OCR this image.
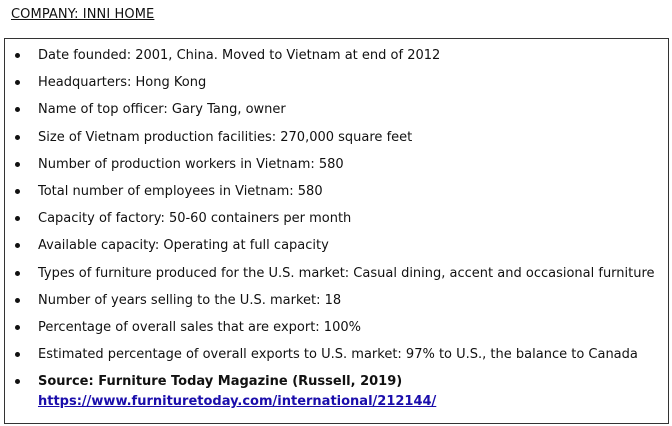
COMPANY: INNI HOME
Date founded: 2001, China. Moved to Vietnam at end of 2012
Headquarters: Hong Kong
Name of top officer: Gary Tang, owner
Size of Vietnam production facilities: 270,000 square feet
Number of production workers in Vietnam: 580
Total number of employees in Vietnam: 580
Capacity of factory: 50-60 containers per month
Available capacity: Operating at full capacity
Types of furniture produced for the U.S. market: Casual dining, accent and occasional furniture
Number of years selling to the U.S. market: 18
Percentage of overall sales that are export: 100%
Estimated percentage of overall exports to U.S. market: 97% to U.S., the balance to Canada
Source: Furniture Today Magazine (Russell, 2019)
https://www.furnituretoday.com/international/212144/
